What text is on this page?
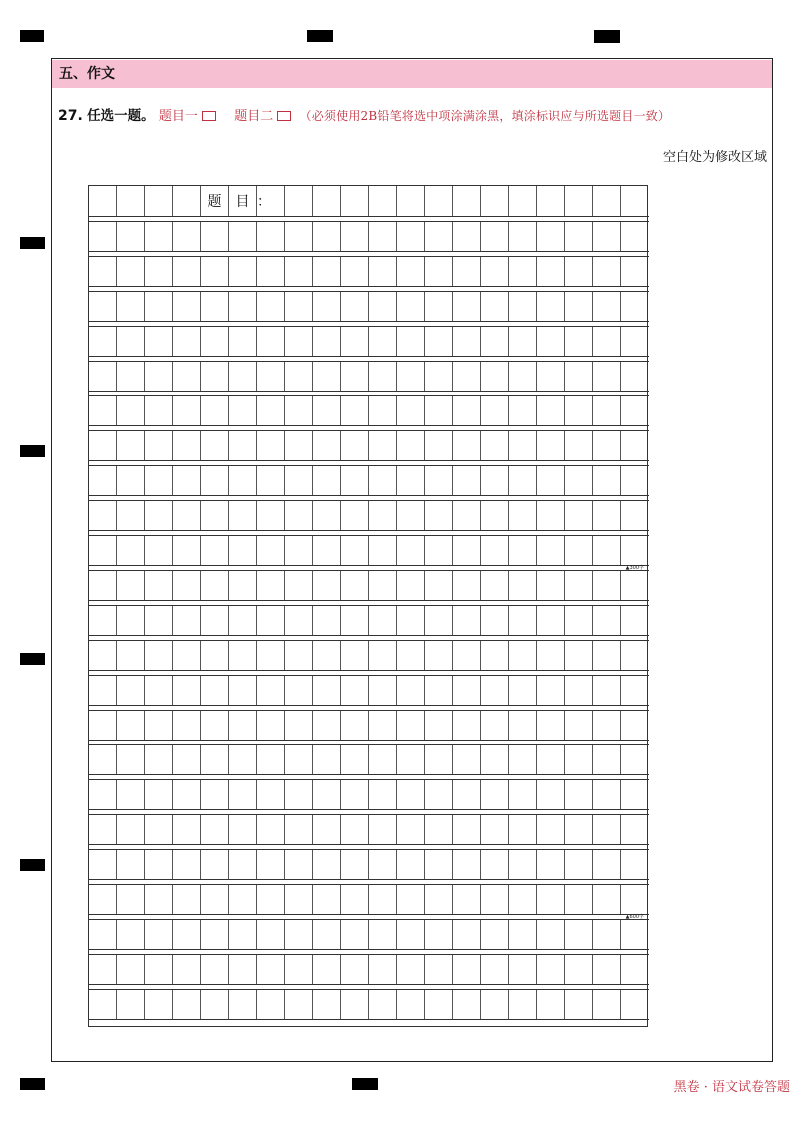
五、作文
27. 任选一题。 题目一	题目二 （必须使用2B铅笔将选中项涂满涂黑，填涂标识应与所选题目一致）
空白处为修改区域
题	目 ：
▲300字
▲600字
黑卷 · 语文试卷答题
